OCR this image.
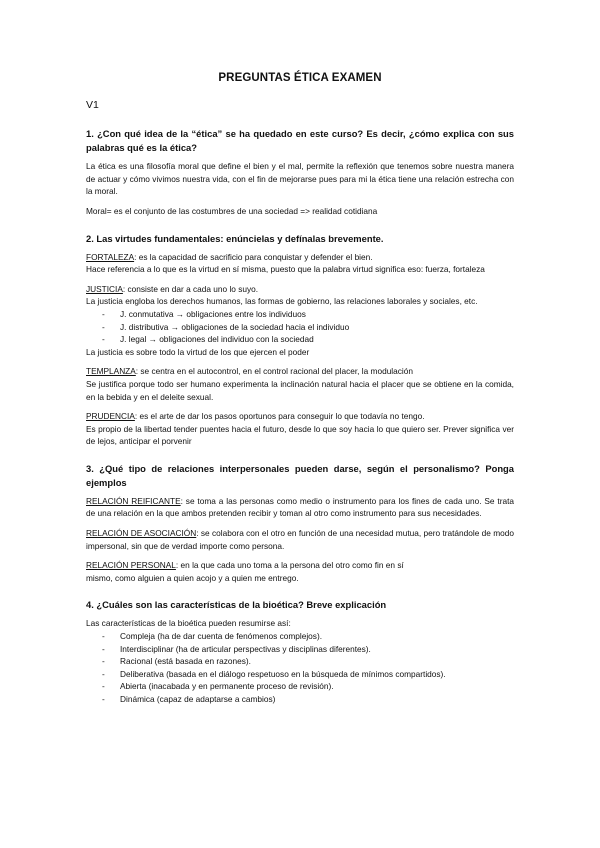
PREGUNTAS ÉTICA EXAMEN
V1
1. ¿Con qué idea de la “ética” se ha quedado en este curso? Es decir, ¿cómo explica con sus palabras qué es la ética?

La ética es una filosofía moral que define el bien y el mal, permite la reflexión que tenemos sobre nuestra manera de actuar y cómo vivimos nuestra vida, con el fin de mejorarse pues para mi la ética tiene una relación estrecha con la moral.

Moral= es el conjunto de las costumbres de una sociedad => realidad cotidiana

2. Las virtudes fundamentales: enúncielas y defínalas brevemente.

FORTALEZA: es la capacidad de sacrificio para conquistar y defender el bien.

Hace referencia a lo que es la virtud en sí misma, puesto que la palabra virtud significa eso: fuerza, fortaleza

JUSTICIA: consiste en dar a cada uno lo suyo.

La justicia engloba los derechos humanos, las formas de gobierno, las relaciones laborales y sociales, etc.

- J. conmutativa → obligaciones entre los individuos
- J. distributiva → obligaciones de la sociedad hacia el individuo
- J. legal → obligaciones del individuo con la sociedad

La justicia es sobre todo la virtud de los que ejercen el poder

TEMPLANZA: se centra en el autocontrol, en el control racional del placer, la modulación

Se justifica porque todo ser humano experimenta la inclinación natural hacia el placer que se obtiene en la comida, en la bebida y en el deleite sexual.

PRUDENCIA: es el arte de dar los pasos oportunos para conseguir lo que todavía no tengo.

Es propio de la libertad tender puentes hacia el futuro, desde lo que soy hacia lo que quiero ser. Prever significa ver de lejos, anticipar el porvenir

3. ¿Qué tipo de relaciones interpersonales pueden darse, según el personalismo? Ponga ejemplos

RELACIÓN REIFICANTE: se toma a las personas como medio o instrumento para los fines de cada uno. Se trata de una relación en la que ambos pretenden recibir y toman al otro como instrumento para sus necesidades.

RELACIÓN DE ASOCIACIÓN: se colabora con el otro en función de una necesidad mutua, pero tratándole de modo impersonal, sin que de verdad importe como persona.

RELACIÓN PERSONAL: en la que cada uno toma a la persona del otro como fin en sí
mismo, como alguien a quien acojo y a quien me entrego.

4. ¿Cuáles son las características de la bioética? Breve explicación

Las características de la bioética pueden resumirse así:

- Compleja (ha de dar cuenta de fenómenos complejos).
- Interdisciplinar (ha de articular perspectivas y disciplinas diferentes).
- Racional (está basada en razones).
- Deliberativa (basada en el diálogo respetuoso en la búsqueda de mínimos compartidos).
- Abierta (inacabada y en permanente proceso de revisión).
- Dinámica (capaz de adaptarse a cambios)
